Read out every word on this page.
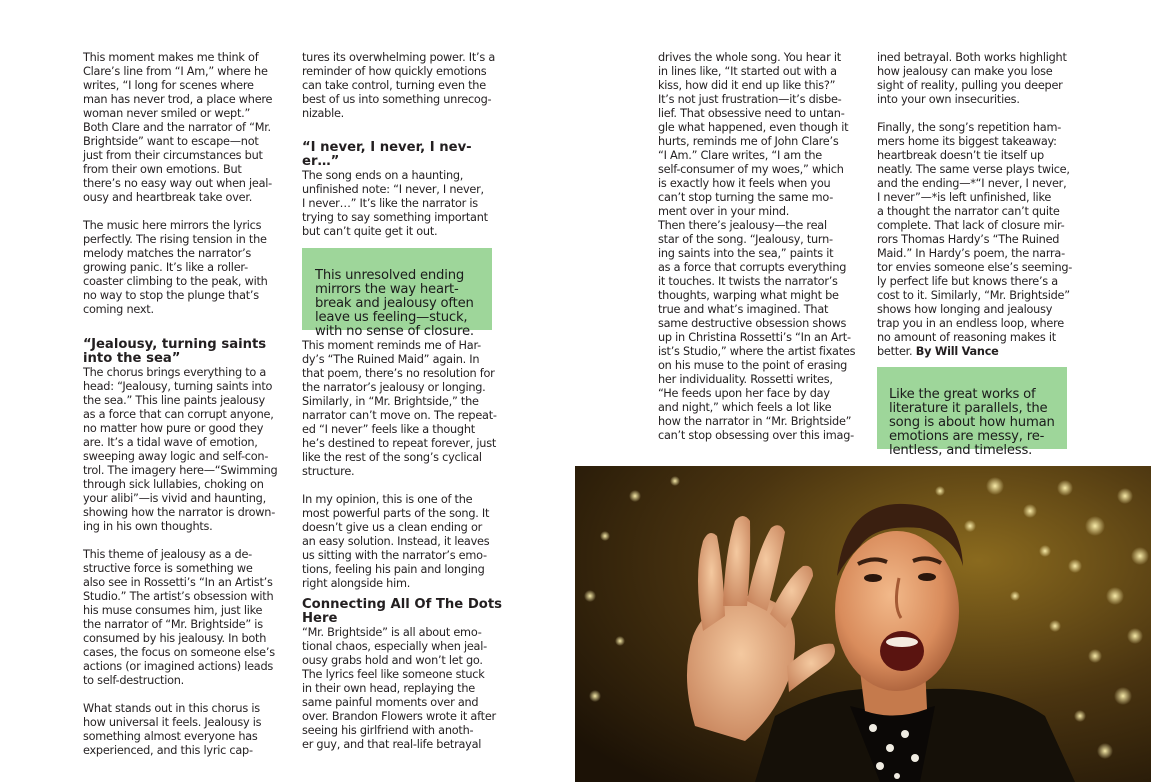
This moment makes me think of
Clare’s line from “I Am,” where he
writes, “I long for scenes where
man has never trod, a place where
woman never smiled or wept.”
Both Clare and the narrator of “Mr.
Brightside” want to escape—not
just from their circumstances but
from their own emotions. But
there’s no easy way out when jeal-
ousy and heartbreak take over.

The music here mirrors the lyrics
perfectly. The rising tension in the
melody matches the narrator’s
growing panic. It’s like a roller-
coaster climbing to the peak, with
no way to stop the plunge that’s
coming next.

“Jealousy, turning saints
into the sea”

The chorus brings everything to a
head: “Jealousy, turning saints into
the sea.” This line paints jealousy
as a force that can corrupt anyone,
no matter how pure or good they
are. It’s a tidal wave of emotion,
sweeping away logic and self-con-
trol. The imagery here—“Swimming
through sick lullabies, choking on
your alibi”—is vivid and haunting,
showing how the narrator is drown-
ing in his own thoughts.

This theme of jealousy as a de-
structive force is something we
also see in Rossetti’s “In an Artist’s
Studio.” The artist’s obsession with
his muse consumes him, just like
the narrator of “Mr. Brightside” is
consumed by his jealousy. In both
cases, the focus on someone else’s
actions (or imagined actions) leads
to self-destruction.

What stands out in this chorus is
how universal it feels. Jealousy is
something almost everyone has
experienced, and this lyric cap-

tures its overwhelming power. It’s a
reminder of how quickly emotions
can take control, turning even the
best of us into something unrecog-
nizable.

“I never, I never, I nev-
er…”

The song ends on a haunting,
unfinished note: “I never, I never,
I never…” It’s like the narrator is
trying to say something important
but can’t quite get it out.

This unresolved ending
mirrors the way heart-
break and jealousy often
leave us feeling—stuck,
with no sense of closure.

This moment reminds me of Har-
dy’s “The Ruined Maid” again. In
that poem, there’s no resolution for
the narrator’s jealousy or longing.
Similarly, in “Mr. Brightside,” the
narrator can’t move on. The repeat-
ed “I never” feels like a thought
he’s destined to repeat forever, just
like the rest of the song’s cyclical
structure.

In my opinion, this is one of the
most powerful parts of the song. It
doesn’t give us a clean ending or
an easy solution. Instead, it leaves
us sitting with the narrator’s emo-
tions, feeling his pain and longing
right alongside him.

Connecting All Of The Dots
Here

“Mr. Brightside” is all about emo-
tional chaos, especially when jeal-
ousy grabs hold and won’t let go.
The lyrics feel like someone stuck
in their own head, replaying the
same painful moments over and
over. Brandon Flowers wrote it after
seeing his girlfriend with anoth-
er guy, and that real-life betrayal

drives the whole song. You hear it
in lines like, “It started out with a
kiss, how did it end up like this?”
It’s not just frustration—it’s disbe-
lief. That obsessive need to untan-
gle what happened, even though it
hurts, reminds me of John Clare’s
“I Am.” Clare writes, “I am the
self-consumer of my woes,” which
is exactly how it feels when you
can’t stop turning the same mo-
ment over in your mind.

Then there’s jealousy—the real
star of the song. “Jealousy, turn-
ing saints into the sea,” paints it
as a force that corrupts everything
it touches. It twists the narrator’s
thoughts, warping what might be
true and what’s imagined. That
same destructive obsession shows
up in Christina Rossetti’s “In an Art-
ist’s Studio,” where the artist fixates
on his muse to the point of erasing
her individuality. Rossetti writes,
“He feeds upon her face by day
and night,” which feels a lot like
how the narrator in “Mr. Brightside”
can’t stop obsessing over this imag-

ined betrayal. Both works highlight
how jealousy can make you lose
sight of reality, pulling you deeper
into your own insecurities.

Finally, the song’s repetition ham-
mers home its biggest takeaway:
heartbreak doesn’t tie itself up
neatly. The same verse plays twice,
and the ending—*“I never, I never,
I never”—*is left unfinished, like
a thought the narrator can’t quite
complete. That lack of closure mir-
rors Thomas Hardy’s “The Ruined
Maid.” In Hardy’s poem, the narra-
tor envies someone else’s seeming-
ly perfect life but knows there’s a
cost to it. Similarly, “Mr. Brightside”
shows how longing and jealousy
trap you in an endless loop, where
no amount of reasoning makes it
better. By Will Vance

Like the great works of
literature it parallels, the
song is about how human
emotions are messy, re-
lentless, and timeless.
